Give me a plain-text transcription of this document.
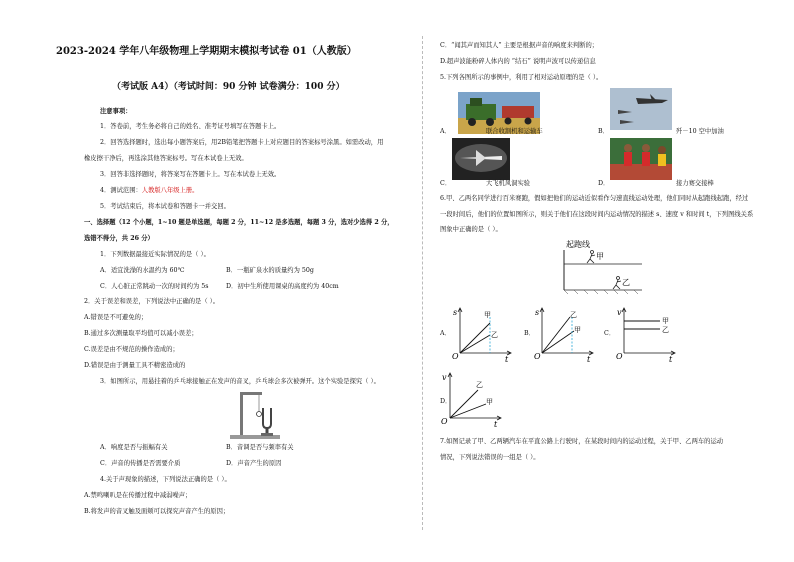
2023-2024 学年八年级物理上学期期末模拟考试卷 01（人教版）
（考试版 A4）（考试时间：90 分钟 试卷满分：100 分）
注意事项：
1．答卷前，考生务必将自己的姓名、准考证号填写在答题卡上。
2．回答选择题时，选出每小题答案后，用2B铅笔把答题卡上对应题目的答案标号涂黑。如需改动，用
橡皮擦干净后，再选涂其他答案标号。写在本试卷上无效。
3．回答非选择题时，将答案写在答题卡上。写在本试卷上无效。
4．测试范围：人教版八年级上册。
5．考试结束后，将本试卷和答题卡一并交回。
一、选择题（12 个小题，1~10 题是单选题，每题 2 分，11~12 是多选题，每题 3 分，选对少选得 2 分，
选错不得分，共 26 分）
1．下列数据最接近实际情况的是（ ）。
A．适宜洗澡的水温约为 60℃	B．一瓶矿泉水的质量约为 50g
C．人心脏正常跳动一次的时间约为 5s	D．初中生所使用课桌的高度约为 40cm
2．关于误差和误差，下列说法中正确的是（ ）。
A.错误是不可避免的；
B.通过多次测量取平均值可以减小误差；
C.误差是由不规范的操作造成的；
D.错误是由于测量工具不精密造成的
3．如图所示，用悬挂着的乒乓球接触正在发声的音叉，乒乓球会多次被弹开。这个实验是探究（ ）。
A．响度是否与振幅有关	B．音调是否与频率有关
C．声音的传播是否需要介质	D．声音产生的原因
4.关于声现象的描述，下列说法正确的是（ ）。
A.禁鸣喇叭是在传播过程中减弱噪声；
B.将发声的音叉触及面颊可以探究声音产生的原因；
C．“闻其声而知其人” 主要是根据声音的响度来判断的；
D.超声波能粉碎人体内的 “结石” 说明声波可以传递信息
5.下列各图所示的事例中，利用了相对运动原理的是（ ）。
A．	联合收割机和运输车	B．	歼－10 空中加油
C．	大飞机风洞实验	D．	接力赛交接棒
6.甲、乙两名同学进行百米赛跑，假如把他们的运动近似看作匀速直线运动处理，他们同时从起跑线起跑，经过
一段时间后，他们的位置如图所示，则关于他们在这段时间内运动情况的描述 s、速度 v 和时间 t，下列图线关系
图象中正确的是（ ）。
起跑线
甲
乙
A．
s
t
O
甲
乙	B．
s
t
O
乙
甲	C．
v
t
O
甲
乙
D．
v
t
O
乙
甲
7.如图记录了甲、乙两辆汽车在平直公路上行驶时，在某段时间内的运动过程，关于甲、乙两车的运动
情况，下列说法错误的一组是（ ）。
